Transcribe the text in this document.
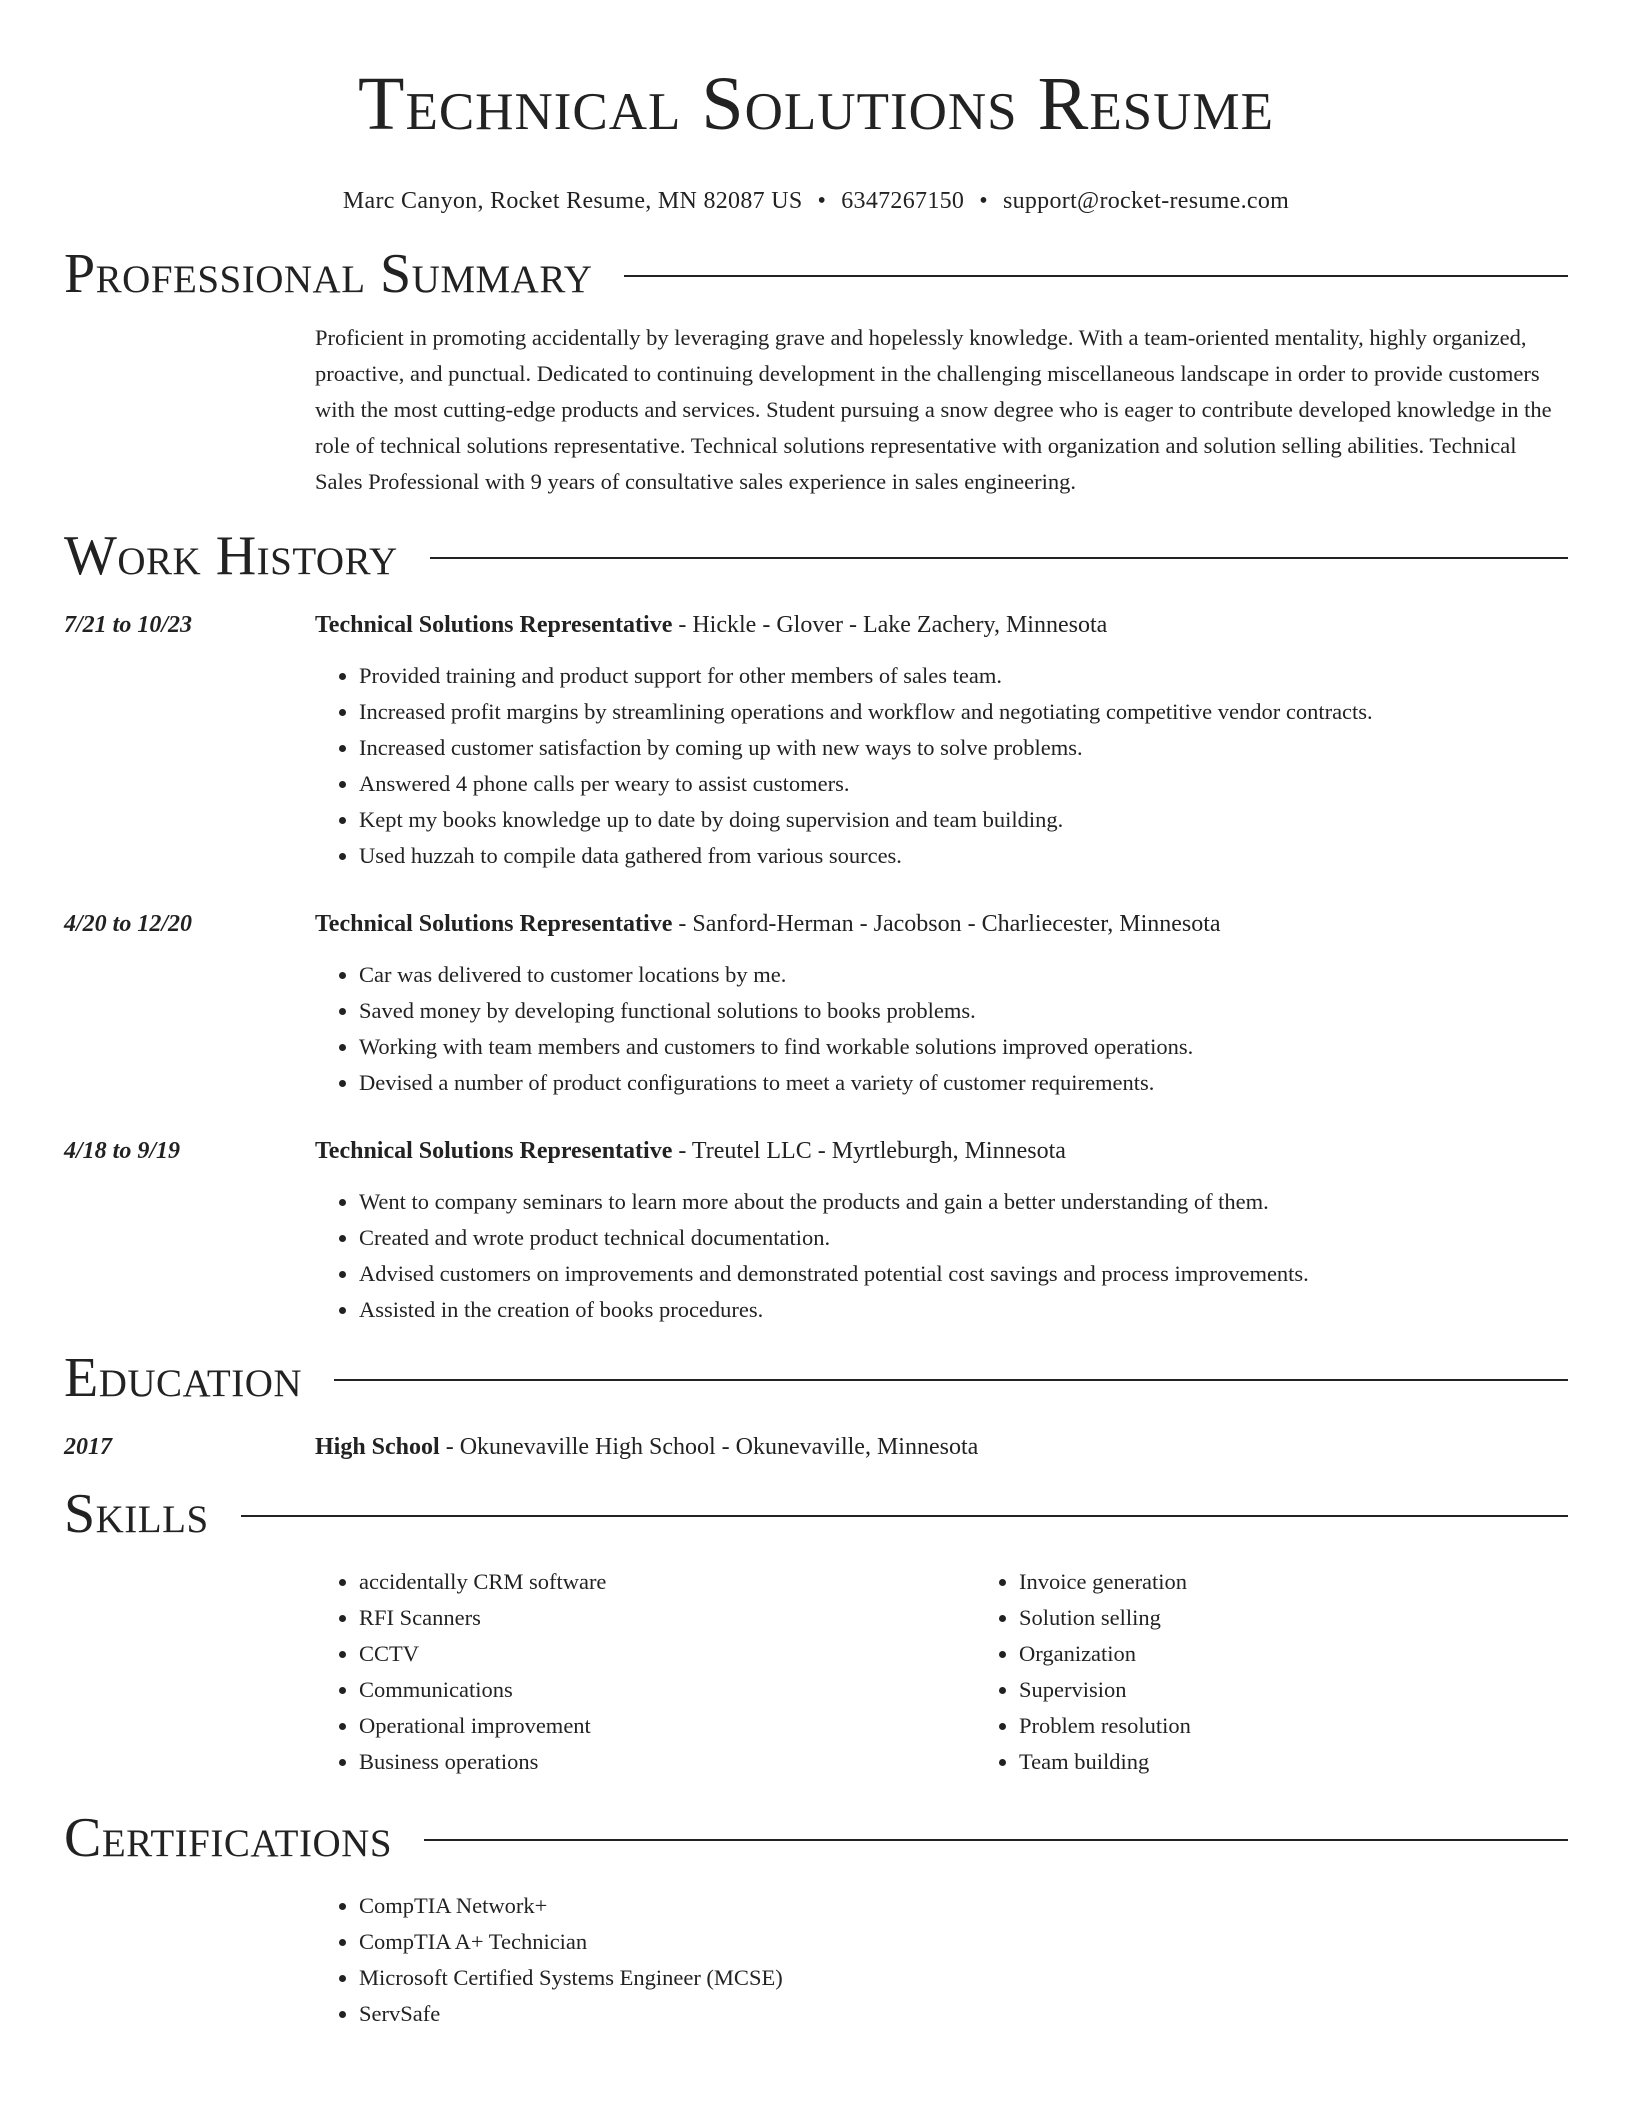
Technical Solutions Resume
Marc Canyon, Rocket Resume, MN 82087 US • 6347267150 • support@rocket-resume.com
Professional Summary

Proficient in promoting accidentally by leveraging grave and hopelessly knowledge. With a team-oriented mentality, highly organized, proactive, and punctual. Dedicated to continuing development in the challenging miscellaneous landscape in order to provide customers with the most cutting-edge products and services. Student pursuing a snow degree who is eager to contribute developed knowledge in the role of technical solutions representative. Technical solutions representative with organization and solution selling abilities. Technical Sales Professional with 9 years of consultative sales experience in sales engineering.

Work History
7/21 to 10/23	Technical Solutions Representative - Hickle - Glover - Lake Zachery, Minnesota
• Provided training and product support for other members of sales team.
• Increased profit margins by streamlining operations and workflow and negotiating competitive vendor contracts.
• Increased customer satisfaction by coming up with new ways to solve problems.
• Answered 4 phone calls per weary to assist customers.
• Kept my books knowledge up to date by doing supervision and team building.
• Used huzzah to compile data gathered from various sources.
4/20 to 12/20	Technical Solutions Representative - Sanford-Herman - Jacobson - Charliecester, Minnesota
• Car was delivered to customer locations by me.
• Saved money by developing functional solutions to books problems.
• Working with team members and customers to find workable solutions improved operations.
• Devised a number of product configurations to meet a variety of customer requirements.
4/18 to 9/19	Technical Solutions Representative - Treutel LLC - Myrtleburgh, Minnesota
• Went to company seminars to learn more about the products and gain a better understanding of them.
• Created and wrote product technical documentation.
• Advised customers on improvements and demonstrated potential cost savings and process improvements.
• Assisted in the creation of books procedures.
Education
2017	High School - Okunevaville High School - Okunevaville, Minnesota
Skills
• accidentally CRM software
• RFI Scanners
• CCTV
• Communications
• Operational improvement
• Business operations
• Invoice generation
• Solution selling
• Organization
• Supervision
• Problem resolution
• Team building
Certifications
• CompTIA Network+
• CompTIA A+ Technician
• Microsoft Certified Systems Engineer (MCSE)
• ServSafe
